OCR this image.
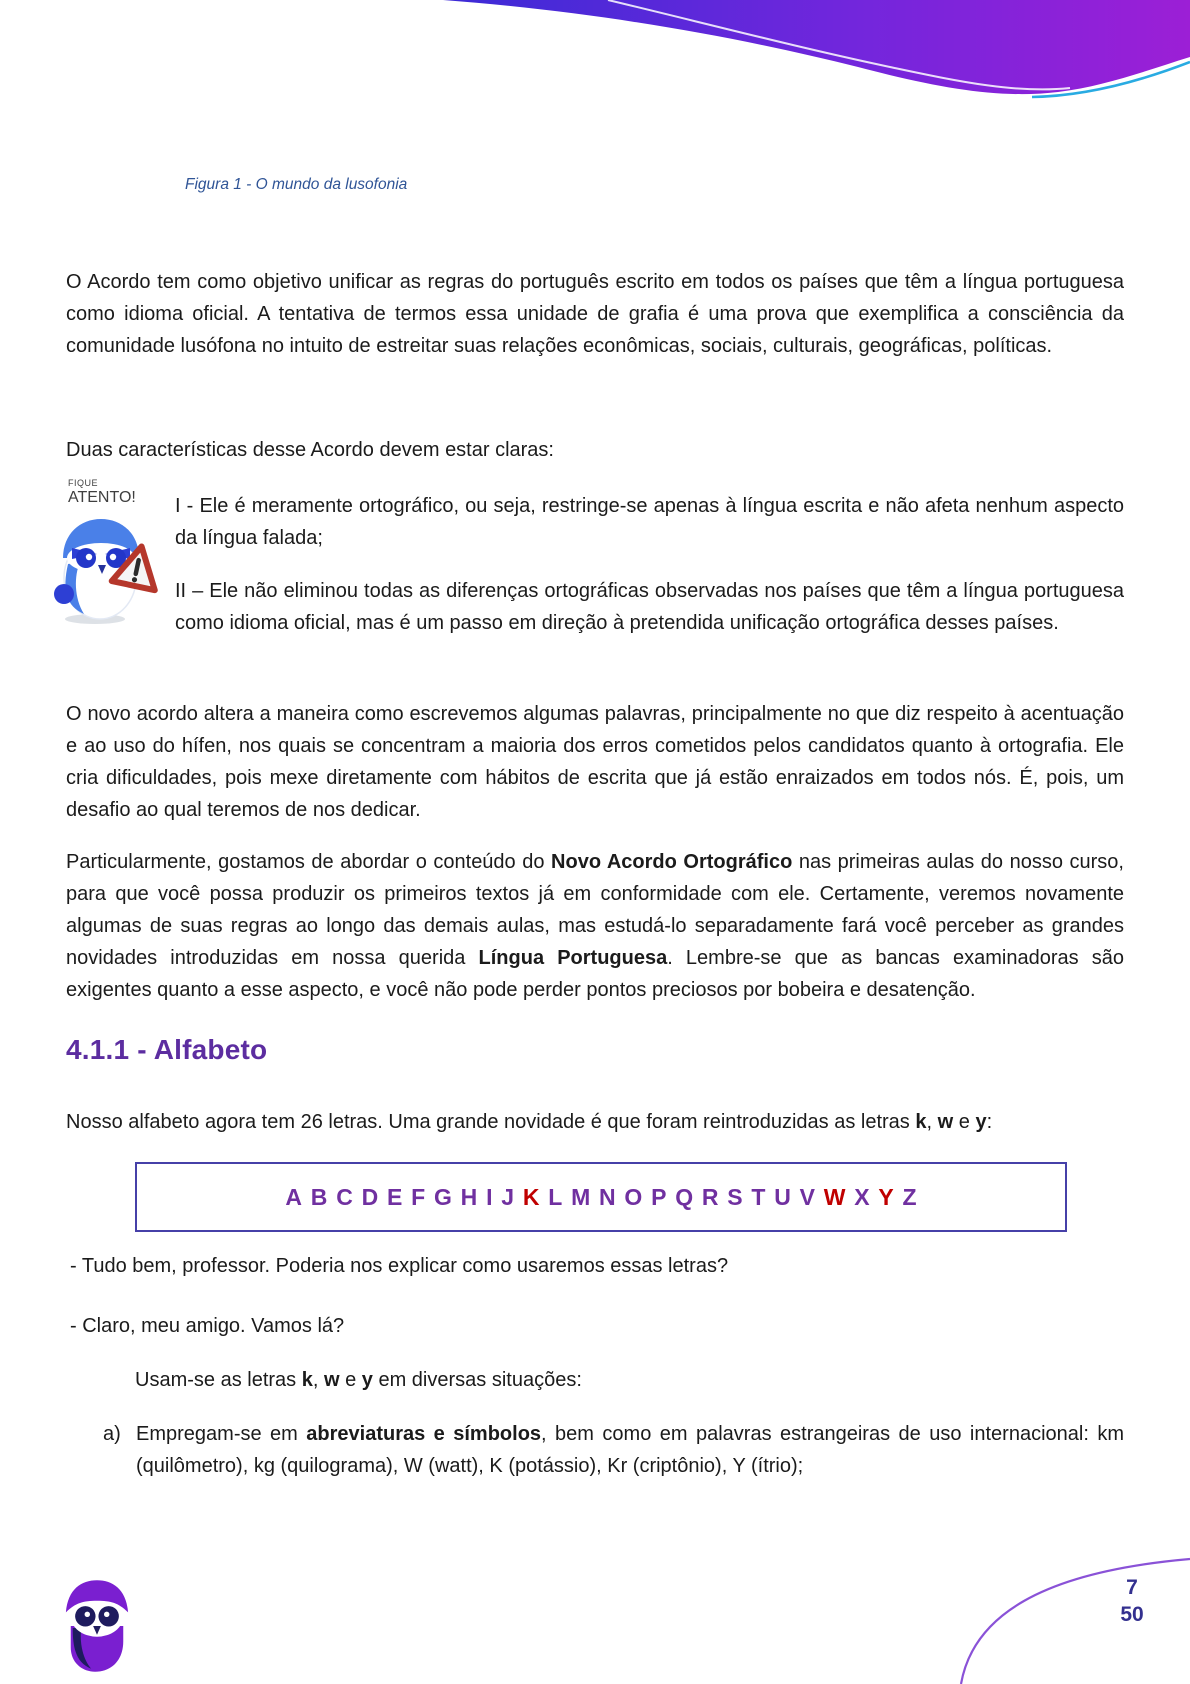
Figura 1 - O mundo da lusofonia

O Acordo tem como objetivo unificar as regras do português escrito em todos os países que têm a língua portuguesa como idioma oficial. A tentativa de termos essa unidade de grafia é uma prova que exemplifica a consciência da comunidade lusófona no intuito de estreitar suas relações econômicas, sociais, culturais, geográficas, políticas.

Duas características desse Acordo devem estar claras:

FIQUE
ATENTO! I - Ele é meramente ortográfico, ou seja, restringe-se apenas à língua escrita e não afeta nenhum aspecto da língua falada;

II – Ele não eliminou todas as diferenças ortográficas observadas nos países que têm a língua portuguesa como idioma oficial, mas é um passo em direção à pretendida unificação ortográfica desses países.

O novo acordo altera a maneira como escrevemos algumas palavras, principalmente no que diz respeito à acentuação e ao uso do hífen, nos quais se concentram a maioria dos erros cometidos pelos candidatos quanto à ortografia. Ele cria dificuldades, pois mexe diretamente com hábitos de escrita que já estão enraizados em todos nós. É, pois, um desafio ao qual teremos de nos dedicar.

Particularmente, gostamos de abordar o conteúdo do Novo Acordo Ortográfico nas primeiras aulas do nosso curso, para que você possa produzir os primeiros textos já em conformidade com ele. Certamente, veremos novamente algumas de suas regras ao longo das demais aulas, mas estudá-lo separadamente fará você perceber as grandes novidades introduzidas em nossa querida Língua Portuguesa. Lembre-se que as bancas examinadoras são exigentes quanto a esse aspecto, e você não pode perder pontos preciosos por bobeira e desatenção.

4.1.1 - Alfabeto

Nosso alfabeto agora tem 26 letras. Uma grande novidade é que foram reintroduzidas as letras k, w e y:

A B C D E F G H I J K L M N O P Q R S T U V W X Y Z

- Tudo bem, professor. Poderia nos explicar como usaremos essas letras?

- Claro, meu amigo. Vamos lá?

Usam-se as letras k, w e y em diversas situações:

a) Empregam-se em abreviaturas e símbolos, bem como em palavras estrangeiras de uso internacional: km (quilômetro), kg (quilograma), W (watt), K (potássio), Kr (criptônio), Y (ítrio);
7
50
